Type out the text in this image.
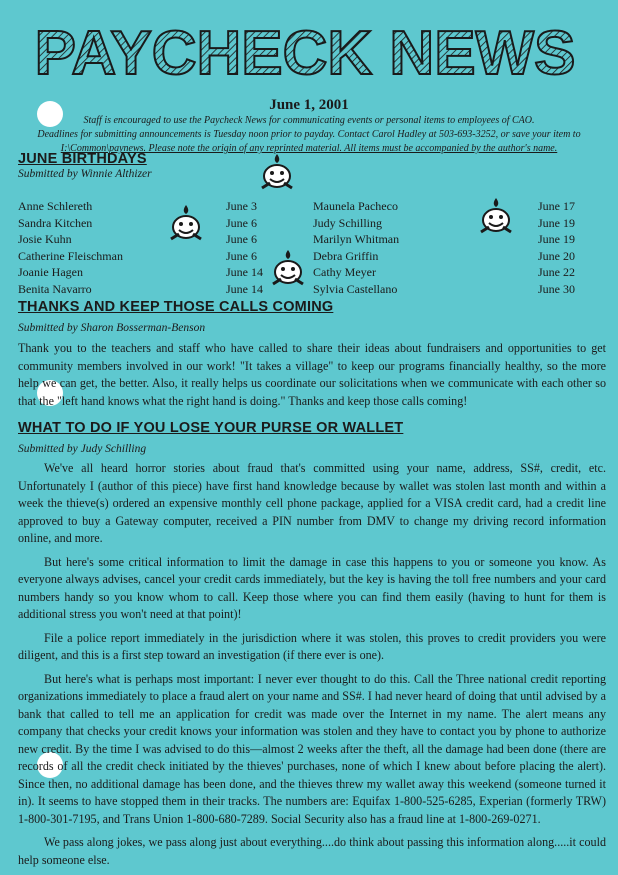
PAYCHECK NEWS
June 1, 2001
Staff is encouraged to use the Paycheck News for communicating events or personal items to employees of CAO.
Deadlines for submitting announcements is Tuesday noon prior to payday. Contact Carol Hadley at 503-693-3252, or save your item to
I:\Common\paynews. Please note the origin of any reprinted material. All items must be accompanied by the author's name.
JUNE BIRTHDAYS
Submitted by Winnie Althizer
Anne Schlereth
Sandra Kitchen
Josie Kuhn
Catherine Fleischman
Joanie Hagen
Benita Navarro
June 3
June 6
June 6
June 6
June 14
June 14
Maunela Pacheco
Judy Schilling
Marilyn Whitman
Debra Griffin
Cathy Meyer
Sylvia Castellano
June 17
June 19
June 19
June 20
June 22
June 30
THANKS AND KEEP THOSE CALLS COMING
Submitted by Sharon Bosserman-Benson

Thank you to the teachers and staff who have called to share their ideas about fundraisers and opportunities to get community members involved in our work! "It takes a village" to keep our programs financially healthy, so the more help we can get, the better. Also, it really helps us coordinate our solicitations when we communicate with each other so that the "left hand knows what the right hand is doing." Thanks and keep those calls coming!

WHAT TO DO IF YOU LOSE YOUR PURSE OR WALLET
Submitted by Judy Schilling

We've all heard horror stories about fraud that's committed using your name, address, SS#, credit, etc. Unfortunately I (author of this piece) have first hand knowledge because by wallet was stolen last month and within a week the thieve(s) ordered an expensive monthly cell phone package, applied for a VISA credit card, had a credit line approved to buy a Gateway computer, received a PIN number from DMV to change my driving record information online, and more.

But here's some critical information to limit the damage in case this happens to you or someone you know. As everyone always advises, cancel your credit cards immediately, but the key is having the toll free numbers and your card numbers handy so you know whom to call. Keep those where you can find them easily (having to hunt for them is additional stress you won't need at that point)!

File a police report immediately in the jurisdiction where it was stolen, this proves to credit providers you were diligent, and this is a first step toward an investigation (if there ever is one).

But here's what is perhaps most important: I never ever thought to do this. Call the Three national credit reporting organizations immediately to place a fraud alert on your name and SS#. I had never heard of doing that until advised by a bank that called to tell me an application for credit was made over the Internet in my name. The alert means any company that checks your credit knows your information was stolen and they have to contact you by phone to authorize new credit. By the time I was advised to do this—almost 2 weeks after the theft, all the damage had been done (there are records of all the credit check initiated by the thieves' purchases, none of which I knew about before placing the alert). Since then, no additional damage has been done, and the thieves threw my wallet away this weekend (someone turned it in). It seems to have stopped them in their tracks. The numbers are: Equifax 1-800-525-6285, Experian (formerly TRW) 1-800-301-7195, and Trans Union 1-800-680-7289. Social Security also has a fraud line at 1-800-269-0271.

We pass along jokes, we pass along just about everything....do think about passing this information along.....it could help someone else.
